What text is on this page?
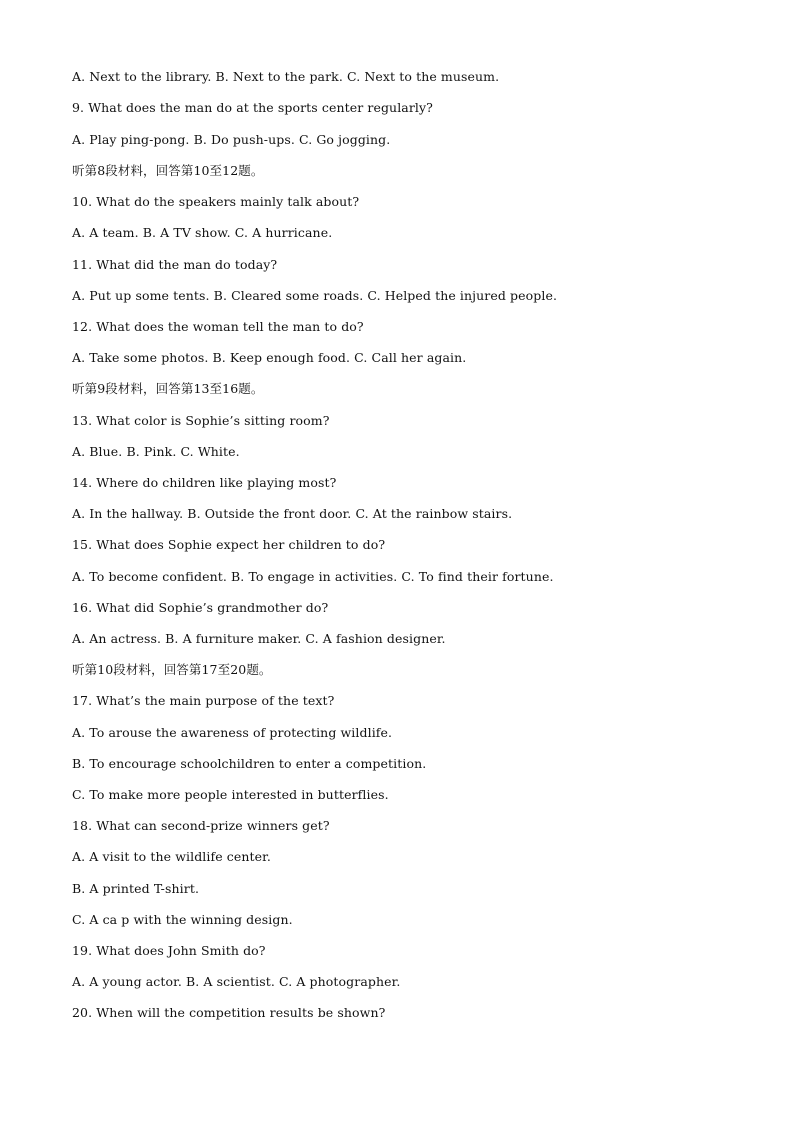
A. Next to the library. B. Next to the park. C. Next to the museum.
9. What does the man do at the sports center regularly?
A. Play ping-pong. B. Do push-ups. C. Go jogging.
听第8段材料，回答第10至12题。
10. What do the speakers mainly talk about?
A. A team. B. A TV show. C. A hurricane.
11. What did the man do today?
A. Put up some tents. B. Cleared some roads. C. Helped the injured people.
12. What does the woman tell the man to do?
A. Take some photos. B. Keep enough food. C. Call her again.
听第9段材料，回答第13至16题。
13. What color is Sophie’s sitting room?
A. Blue. B. Pink. C. White.
14. Where do children like playing most?
A. In the hallway. B. Outside the front door. C. At the rainbow stairs.
15. What does Sophie expect her children to do?
A. To become confident. B. To engage in activities. C. To find their fortune.
16. What did Sophie’s grandmother do?
A. An actress. B. A furniture maker. C. A fashion designer.
听第10段材料，回答第17至20题。
17. What’s the main purpose of the text?
A. To arouse the awareness of protecting wildlife.
B. To encourage schoolchildren to enter a competition.
C. To make more people interested in butterflies.
18. What can second-prize winners get?
A. A visit to the wildlife center.
B. A printed T-shirt.
C. A ca p with the winning design.
19. What does John Smith do?
A. A young actor. B. A scientist. C. A photographer.
20. When will the competition results be shown?
